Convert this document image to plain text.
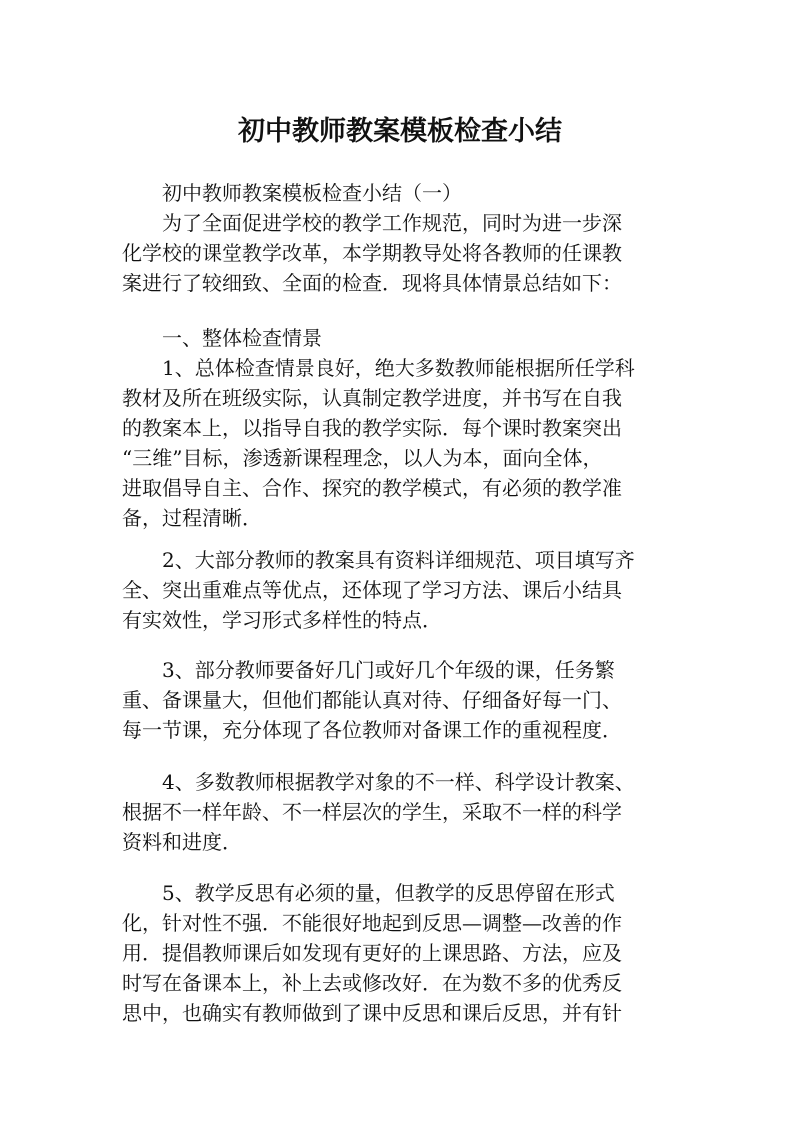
初中教师教案模板检查小结

　　初中教师教案模板检查小结（一）

　　为了全面促进学校的教学工作规范，同时为进一步深

化学校的课堂教学改革，本学期教导处将各教师的任课教

案进行了较细致、全面的检查．现将具体情景总结如下：

　　一、整体检查情景

　　1、总体检查情景良好，绝大多数教师能根据所任学科

教材及所在班级实际，认真制定教学进度，并书写在自我

的教案本上，以指导自我的教学实际．每个课时教案突出

“三维”目标，渗透新课程理念，以人为本，面向全体，

进取倡导自主、合作、探究的教学模式，有必须的教学准

备，过程清晰．

　　2、大部分教师的教案具有资料详细规范、项目填写齐

全、突出重难点等优点，还体现了学习方法、课后小结具

有实效性，学习形式多样性的特点．

　　3、部分教师要备好几门或好几个年级的课，任务繁

重、备课量大，但他们都能认真对待、仔细备好每一门、

每一节课，充分体现了各位教师对备课工作的重视程度．

　　4、多数教师根据教学对象的不一样、科学设计教案、

根据不一样年龄、不一样层次的学生，采取不一样的科学

资料和进度．

　　5、教学反思有必须的量，但教学的反思停留在形式

化，针对性不强．不能很好地起到反思—调整—改善的作

用．提倡教师课后如发现有更好的上课思路、方法，应及

时写在备课本上，补上去或修改好．在为数不多的优秀反

思中，也确实有教师做到了课中反思和课后反思，并有针
